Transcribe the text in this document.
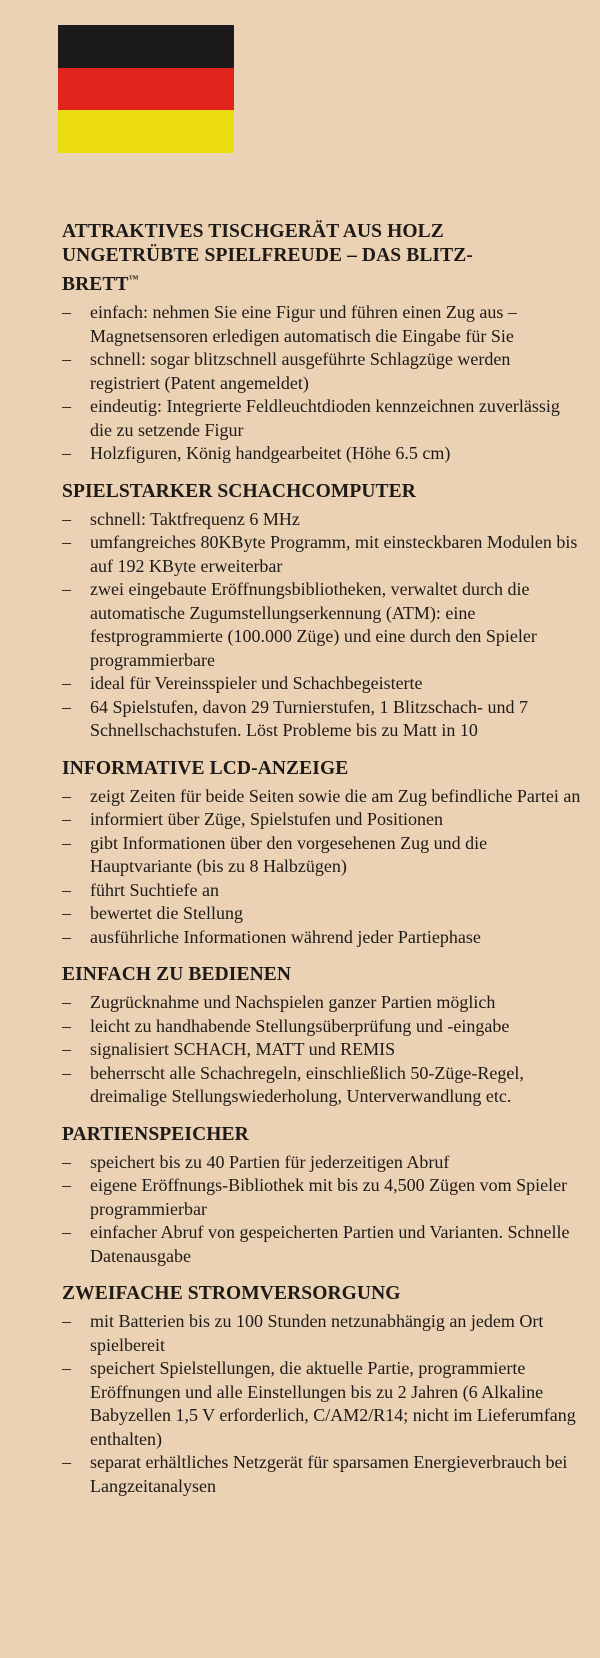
ATTRAKTIVES TISCHGERÄT AUS HOLZ
UNGETRÜBTE SPIELFREUDE – DAS BLITZ-
BRETT™
– einfach: nehmen Sie eine Figur und führen einen Zug aus – Magnetsensoren erledigen automatisch die Eingabe für Sie
– schnell: sogar blitzschnell ausgeführte Schlagzüge werden registriert (Patent angemeldet)
– eindeutig: Integrierte Feldleuchtdioden kennzeichnen zuverlässig die zu setzende Figur
– Holzfiguren, König handgearbeitet (Höhe 6.5 cm)
SPIELSTARKER SCHACHCOMPUTER
– schnell: Taktfrequenz 6 MHz
– umfangreiches 80KByte Programm, mit einsteckbaren Modulen bis auf 192 KByte erweiterbar
– zwei eingebaute Eröffnungsbibliotheken, verwaltet durch die automatische Zugumstellungserkennung (ATM): eine festprogrammierte (100.000 Züge) und eine durch den Spieler programmierbare
– ideal für Vereinsspieler und Schachbegeisterte
– 64 Spielstufen, davon 29 Turnierstufen, 1 Blitzschach- und 7 Schnellschachstufen. Löst Probleme bis zu Matt in 10
INFORMATIVE LCD-ANZEIGE
– zeigt Zeiten für beide Seiten sowie die am Zug befindliche Partei an
– informiert über Züge, Spielstufen und Positionen
– gibt Informationen über den vorgesehenen Zug und die Hauptvariante (bis zu 8 Halbzügen)
– führt Suchtiefe an
– bewertet die Stellung
– ausführliche Informationen während jeder Partiephase
EINFACH ZU BEDIENEN
– Zugrücknahme und Nachspielen ganzer Partien möglich
– leicht zu handhabende Stellungsüberprüfung und -eingabe
– signalisiert SCHACH, MATT und REMIS
– beherrscht alle Schachregeln, einschließlich 50-Züge-Regel, dreimalige Stellungswiederholung, Unterverwandlung etc.
PARTIENSPEICHER
– speichert bis zu 40 Partien für jederzeitigen Abruf
– eigene Eröffnungs-Bibliothek mit bis zu 4,500 Zügen vom Spieler programmierbar
– einfacher Abruf von gespeicherten Partien und Varianten. Schnelle Datenausgabe
ZWEIFACHE STROMVERSORGUNG
– mit Batterien bis zu 100 Stunden netzunabhängig an jedem Ort spielbereit
– speichert Spielstellungen, die aktuelle Partie, programmierte Eröffnungen und alle Einstellungen bis zu 2 Jahren (6 Alkaline Babyzellen 1,5 V erforderlich, C/AM2/R14; nicht im Lieferumfang enthalten)
– separat erhältliches Netzgerät für sparsamen Energieverbrauch bei Langzeitanalysen
